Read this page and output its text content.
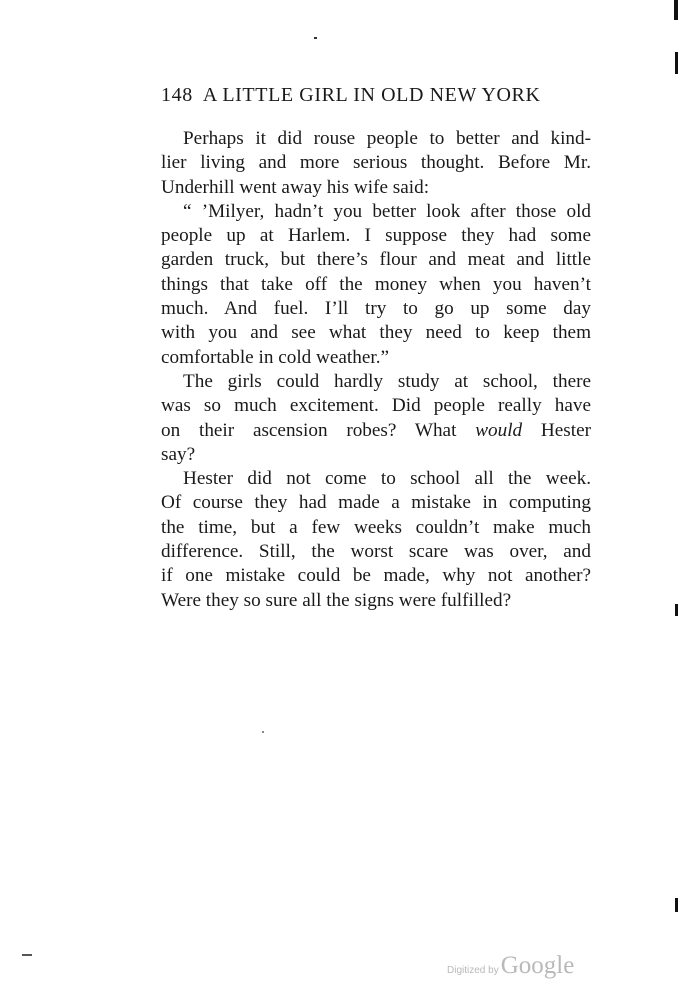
148 A LITTLE GIRL IN OLD NEW YORK
Perhaps it did rouse people to better and kind-
lier living and more serious thought. Before Mr.
Underhill went away his wife said:
“ ’Milyer, hadn’t you better look after those old
people up at Harlem. I suppose they had some
garden truck, but there’s flour and meat and little
things that take off the money when you haven’t
much. And fuel. I’ll try to go up some day
with you and see what they need to keep them
comfortable in cold weather.”
The girls could hardly study at school, there
was so much excitement. Did people really have
on their ascension robes? What would Hester
say?
Hester did not come to school all the week.
Of course they had made a mistake in computing
the time, but a few weeks couldn’t make much
difference. Still, the worst scare was over, and
if one mistake could be made, why not another?
Were they so sure all the signs were fulfilled?
Digitized byGoogle
